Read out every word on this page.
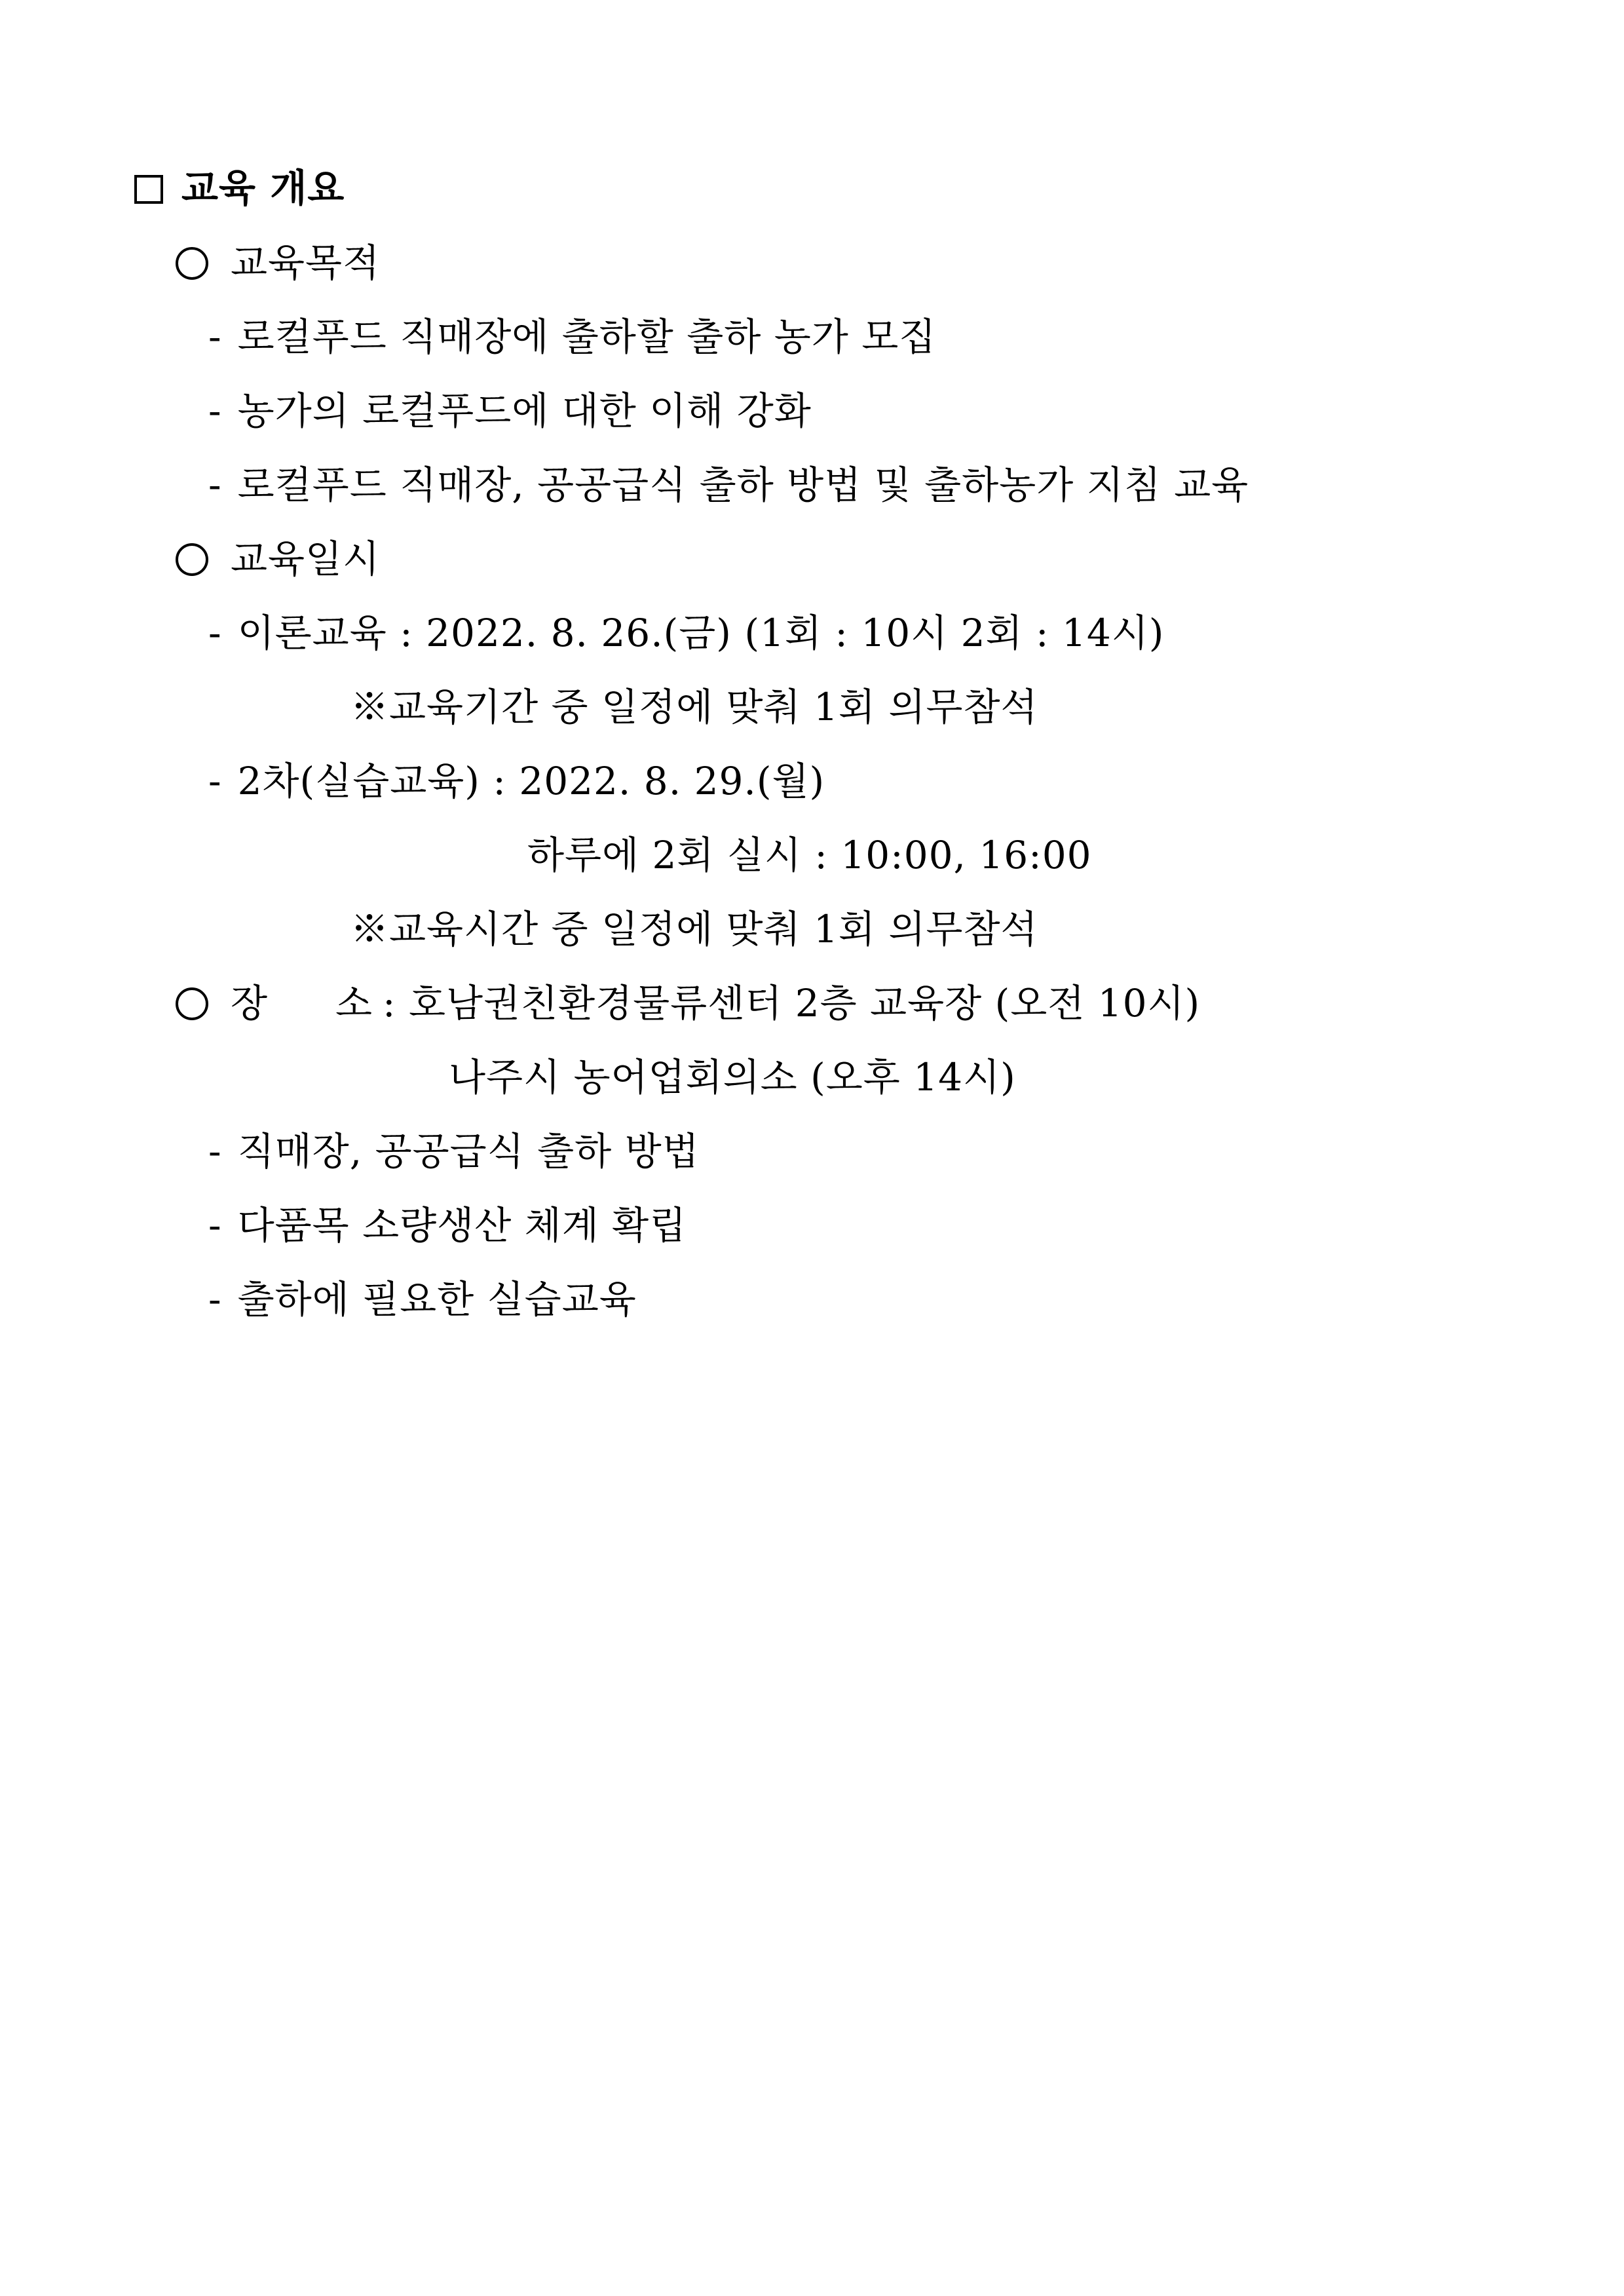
교육 개요
교육목적
- 로컬푸드 직매장에 출하할 출하 농가 모집
- 농가의 로컬푸드에 대한 이해 강화
- 로컬푸드 직매장, 공공급식 출하 방법 및 출하농가 지침 교육
교육일시
- 이론교육 : 2022. 8. 26.(금) (1회 : 10시 2회 : 14시)
※교육기간 중 일정에 맞춰 1회 의무참석
- 2차(실습교육) : 2022. 8. 29.(월)
하루에 2회 실시 : 10:00, 16:00
※교육시간 중 일정에 맞춰 1회 의무참석
장 소 : 호남권친환경물류센터 2층 교육장 (오전 10시)
나주시 농어업회의소 (오후 14시)
- 직매장, 공공급식 출하 방법
- 다품목 소량생산 체계 확립
- 출하에 필요한 실습교육
